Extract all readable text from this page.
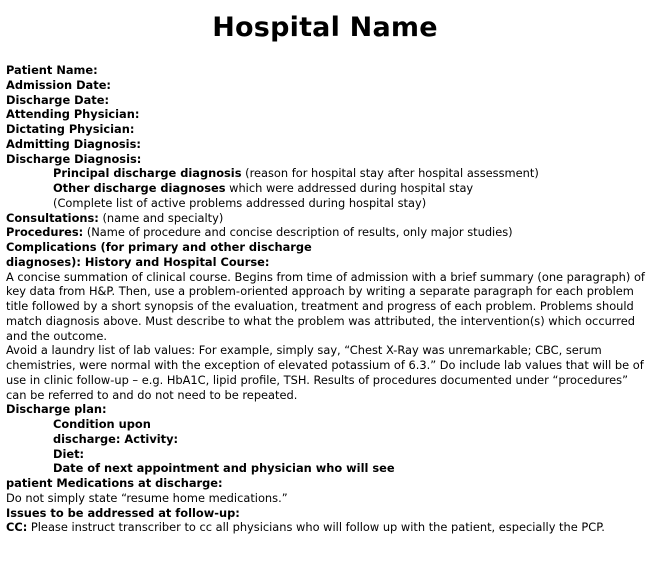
Hospital Name
Patient Name:
Admission Date:
Discharge Date:
Attending Physician:
Dictating Physician:
Admitting Diagnosis:
Discharge Diagnosis:
Principal discharge diagnosis (reason for hospital stay after hospital assessment)
Other discharge diagnoses which were addressed during hospital stay
(Complete list of active problems addressed during hospital stay)
Consultations: (name and specialty)
Procedures: (Name of procedure and concise description of results, only major studies)
Complications (for primary and other discharge
diagnoses): History and Hospital Course:
A concise summation of clinical course. Begins from time of admission with a brief summary (one paragraph) of key data from H&P. Then, use a problem-oriented approach by writing a separate paragraph for each problem title followed by a short synopsis of the evaluation, treatment and progress of each problem. Problems should match diagnosis above. Must describe to what the problem was attributed, the intervention(s) which occurred and the outcome.
Avoid a laundry list of lab values: For example, simply say, “Chest X-Ray was unremarkable; CBC, serum chemistries, were normal with the exception of elevated potassium of 6.3.” Do include lab values that will be of use in clinic follow-up – e.g. HbA1C, lipid profile, TSH. Results of procedures documented under “procedures” can be referred to and do not need to be repeated.
Discharge plan:
Condition upon
discharge: Activity:
Diet:
Date of next appointment and physician who will see
patient Medications at discharge:
Do not simply state “resume home medications.”
Issues to be addressed at follow-up:
CC: Please instruct transcriber to cc all physicians who will follow up with the patient, especially the PCP.
